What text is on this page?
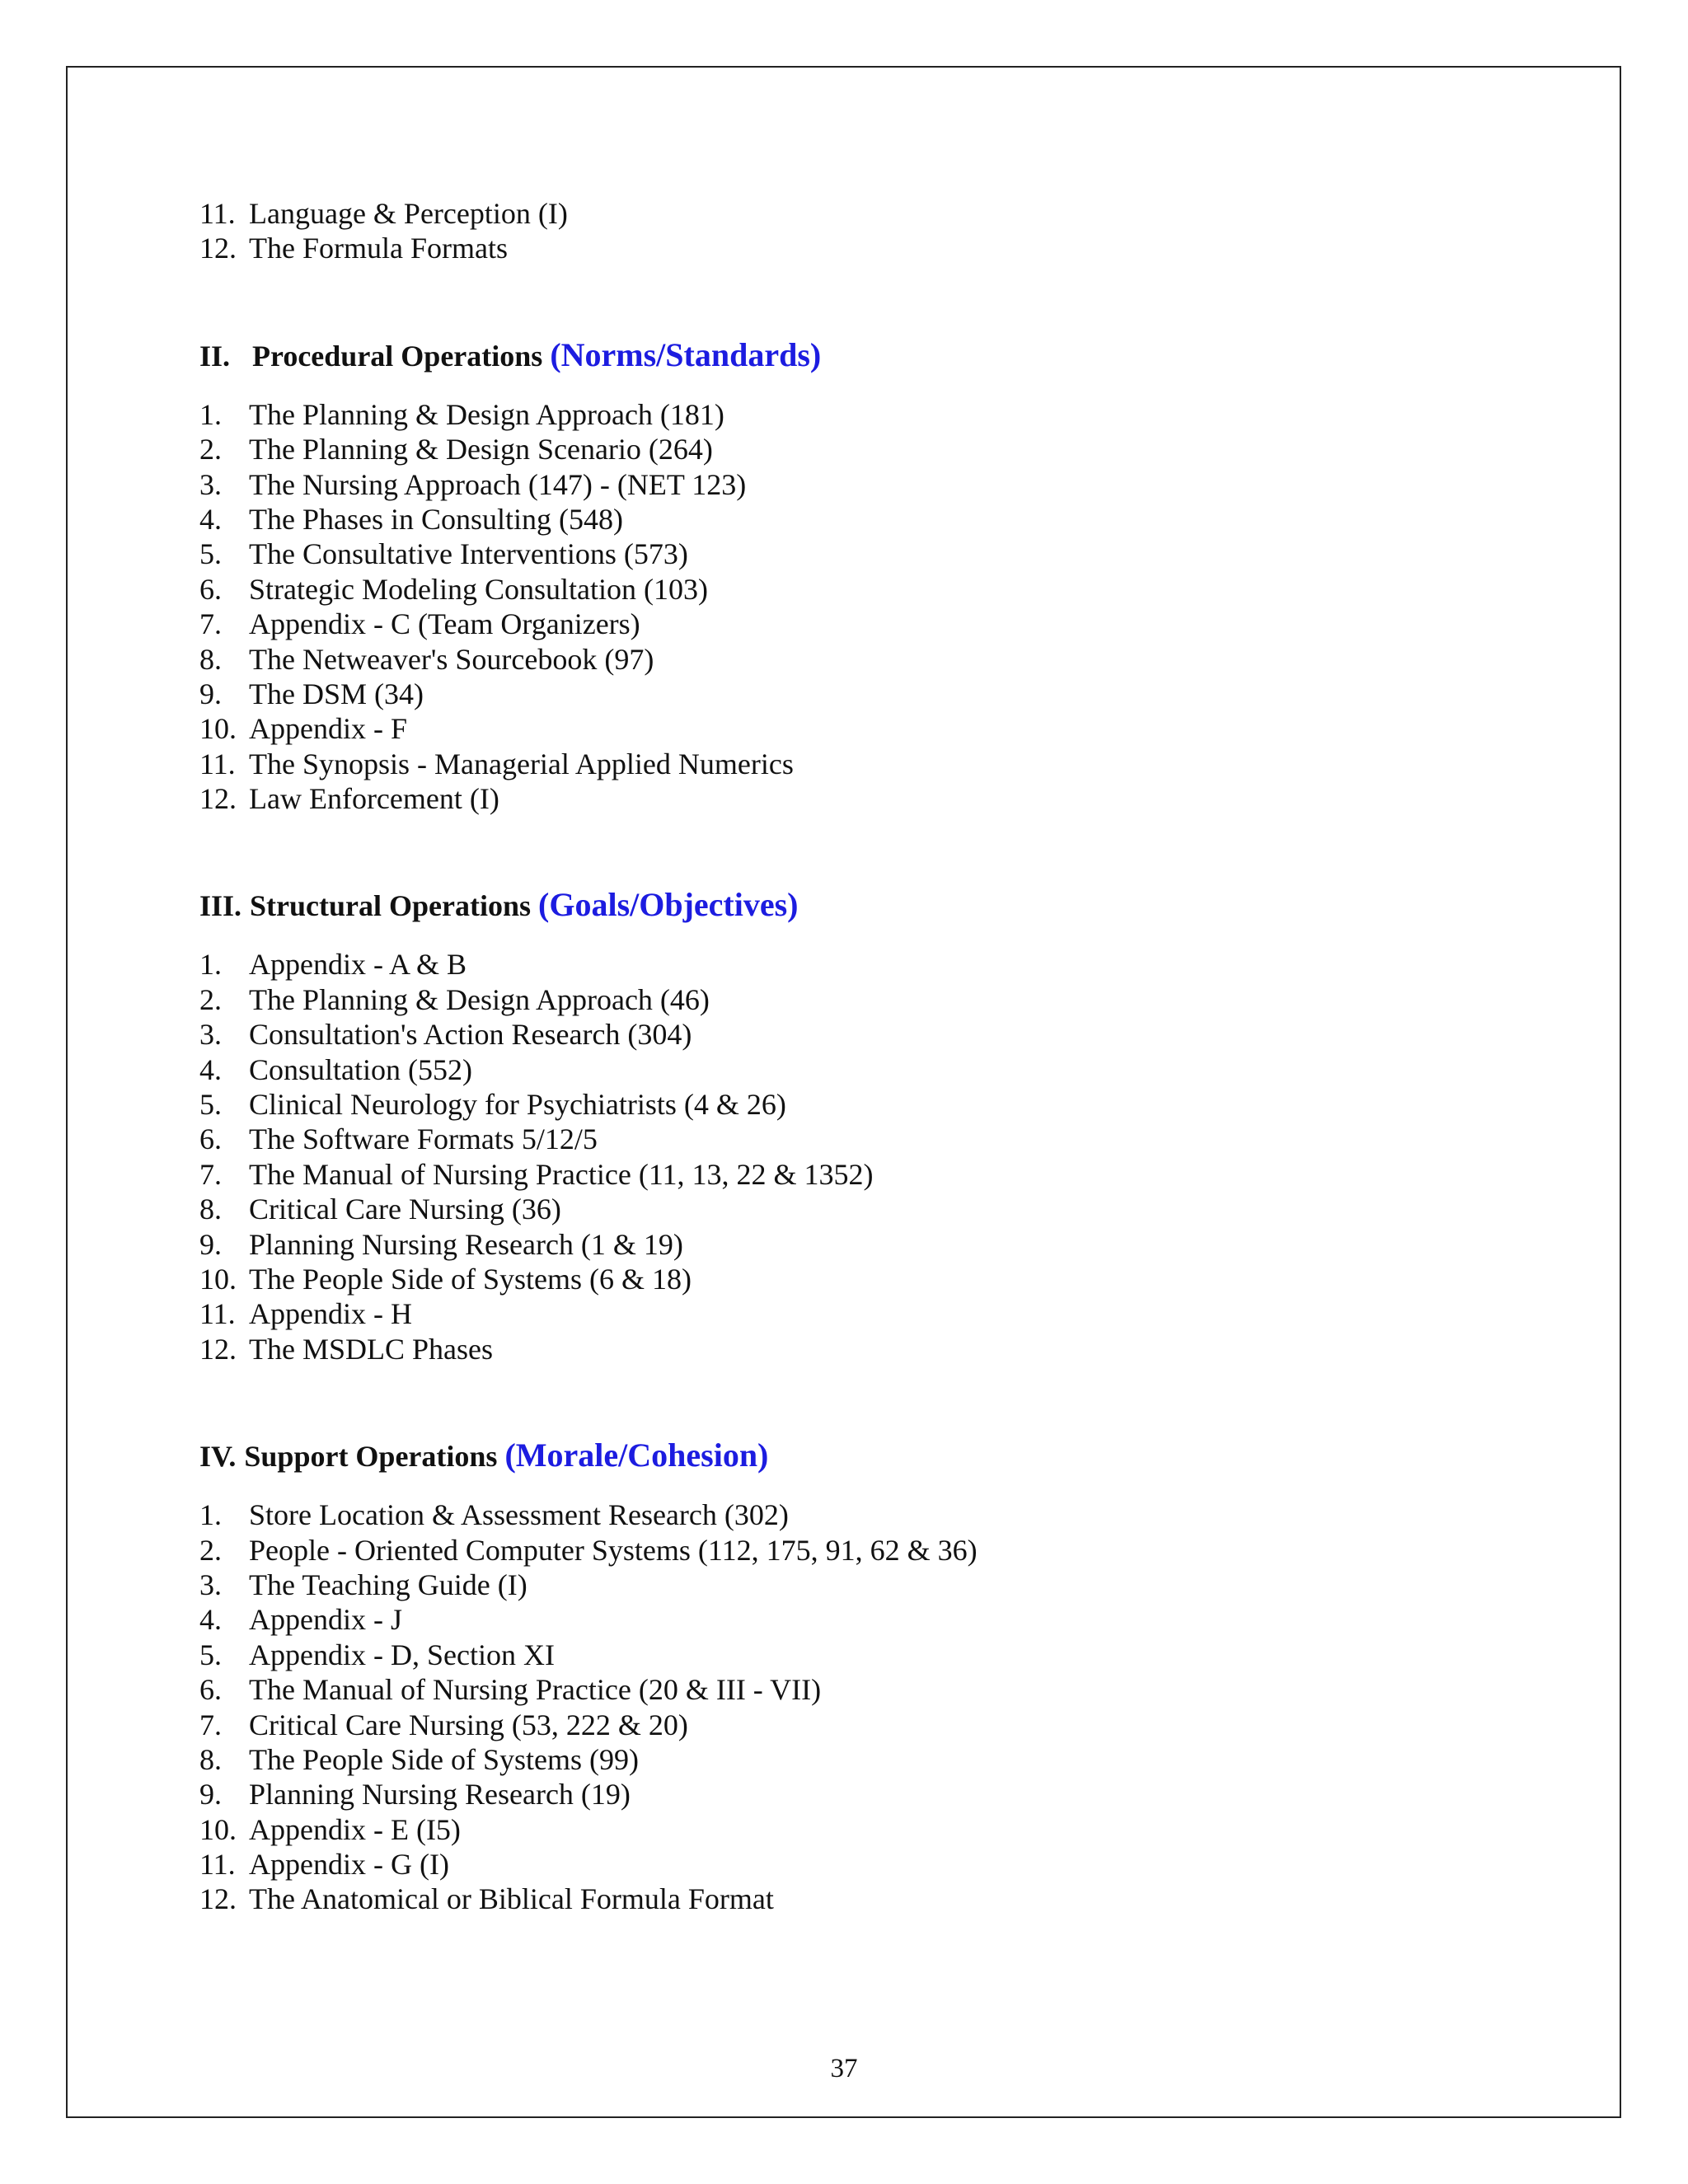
11. Language & Perception (I)
12. The Formula Formats
II. Procedural Operations (Norms/Standards)
1. The Planning & Design Approach (181)
2. The Planning & Design Scenario (264)
3. The Nursing Approach (147) - (NET 123)
4. The Phases in Consulting (548)
5. The Consultative Interventions (573)
6. Strategic Modeling Consultation (103)
7. Appendix - C (Team Organizers)
8. The Netweaver's Sourcebook (97)
9. The DSM (34)
10. Appendix - F
11. The Synopsis - Managerial Applied Numerics
12. Law Enforcement (I)
III. Structural Operations (Goals/Objectives)
1. Appendix - A & B
2. The Planning & Design Approach (46)
3. Consultation's Action Research (304)
4. Consultation (552)
5. Clinical Neurology for Psychiatrists (4 & 26)
6. The Software Formats 5/12/5
7. The Manual of Nursing Practice (11, 13, 22 & 1352)
8. Critical Care Nursing (36)
9. Planning Nursing Research (1 & 19)
10. The People Side of Systems (6 & 18)
11. Appendix - H
12. The MSDLC Phases
IV. Support Operations (Morale/Cohesion)
1. Store Location & Assessment Research (302)
2. People - Oriented Computer Systems (112, 175, 91, 62 & 36)
3. The Teaching Guide (I)
4. Appendix - J
5. Appendix - D, Section XI
6. The Manual of Nursing Practice (20 & III - VII)
7. Critical Care Nursing (53, 222 & 20)
8. The People Side of Systems (99)
9. Planning Nursing Research (19)
10. Appendix - E (I5)
11. Appendix - G (I)
12. The Anatomical or Biblical Formula Format
37
